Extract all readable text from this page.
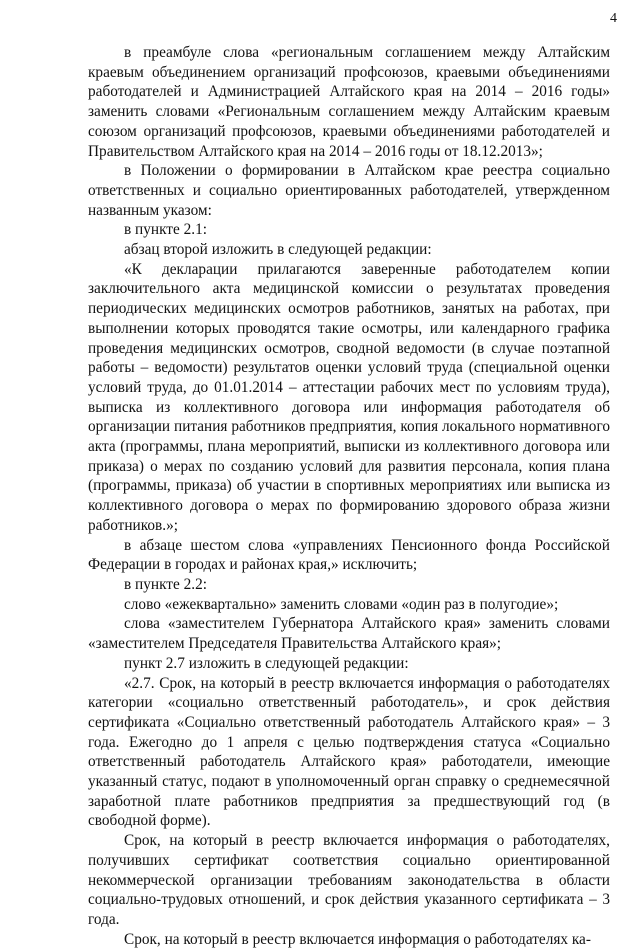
4

в преамбуле слова «региональным соглашением между Алтайским краевым объединением организаций профсоюзов, краевыми объединениями работодателей и Администрацией Алтайского края на 2014 – 2016 годы» заменить словами «Региональным соглашением между Алтайским краевым союзом организаций профсоюзов, краевыми объединениями работодателей и Правительством Алтайского края на 2014 – 2016 годы от 18.12.2013»;

в Положении о формировании в Алтайском крае реестра социально ответственных и социально ориентированных работодателей, утвержденном названным указом:

в пункте 2.1:

абзац второй изложить в следующей редакции:

«К декларации прилагаются заверенные работодателем копии заключительного акта медицинской комиссии о результатах проведения периодических медицинских осмотров работников, занятых на работах, при выполнении которых проводятся такие осмотры, или календарного графика проведения медицинских осмотров, сводной ведомости (в случае поэтапной работы – ведомости) результатов оценки условий труда (специальной оценки условий труда, до 01.01.2014 – аттестации рабочих мест по условиям труда), выписка из коллективного договора или информация работодателя об организации питания работников предприятия, копия локального нормативного акта (программы, плана мероприятий, выписки из коллективного договора или приказа) о мерах по созданию условий для развития персонала, копия плана (программы, приказа) об участии в спортивных мероприятиях или выписка из коллективного договора о мерах по формированию здорового образа жизни работников.»;

в абзаце шестом слова «управлениях Пенсионного фонда Российской Федерации в городах и районах края,» исключить;

в пункте 2.2:

слово «ежеквартально» заменить словами «один раз в полугодие»;

слова «заместителем Губернатора Алтайского края» заменить словами «заместителем Председателя Правительства Алтайского края»;

пункт 2.7 изложить в следующей редакции:

«2.7. Срок, на который в реестр включается информация о работодателях категории «социально ответственный работодатель», и срок действия сертификата «Социально ответственный работодатель Алтайского края» – 3 года. Ежегодно до 1 апреля с целью подтверждения статуса «Социально ответственный работодатель Алтайского края» работодатели, имеющие указанный статус, подают в уполномоченный орган справку о среднемесячной заработной плате работников предприятия за предшествующий год (в свободной форме).

Срок, на который в реестр включается информация о работодателях, получивших сертификат соответствия социально ориентированной некоммерческой организации требованиям законодательства в области социально-трудовых отношений, и срок действия указанного сертификата – 3 года.

Срок, на который в реестр включается информация о работодателях ка-
